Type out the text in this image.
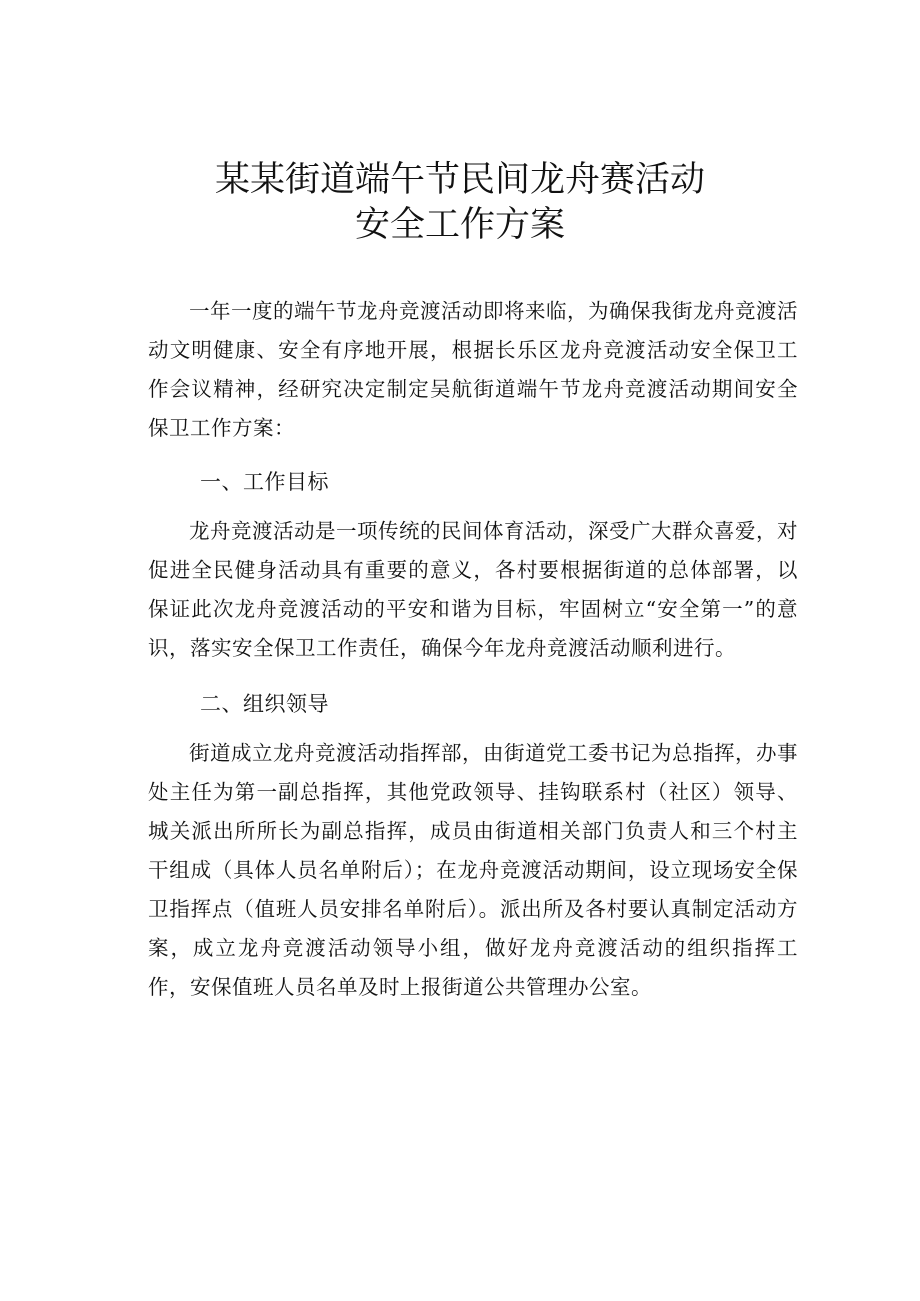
某某街道端午节民间龙舟赛活动
安全工作方案

一年一度的端午节龙舟竞渡活动即将来临，为确保我街龙舟竞渡活动文明健康、安全有序地开展，根据长乐区龙舟竞渡活动安全保卫工作会议精神，经研究决定制定吴航街道端午节龙舟竞渡活动期间安全保卫工作方案：

一、工作目标

龙舟竞渡活动是一项传统的民间体育活动，深受广大群众喜爱，对促进全民健身活动具有重要的意义，各村要根据街道的总体部署，以保证此次龙舟竞渡活动的平安和谐为目标，牢固树立“安全第一”的意识，落实安全保卫工作责任，确保今年龙舟竞渡活动顺利进行。

二、组织领导

街道成立龙舟竞渡活动指挥部，由街道党工委书记为总指挥，办事处主任为第一副总指挥，其他党政领导、挂钩联系村（社区）领导、城关派出所所长为副总指挥，成员由街道相关部门负责人和三个村主干组成（具体人员名单附后）；在龙舟竞渡活动期间，设立现场安全保卫指挥点（值班人员安排名单附后）。派出所及各村要认真制定活动方案，成立龙舟竞渡活动领导小组，做好龙舟竞渡活动的组织指挥工作，安保值班人员名单及时上报街道公共管理办公室。
